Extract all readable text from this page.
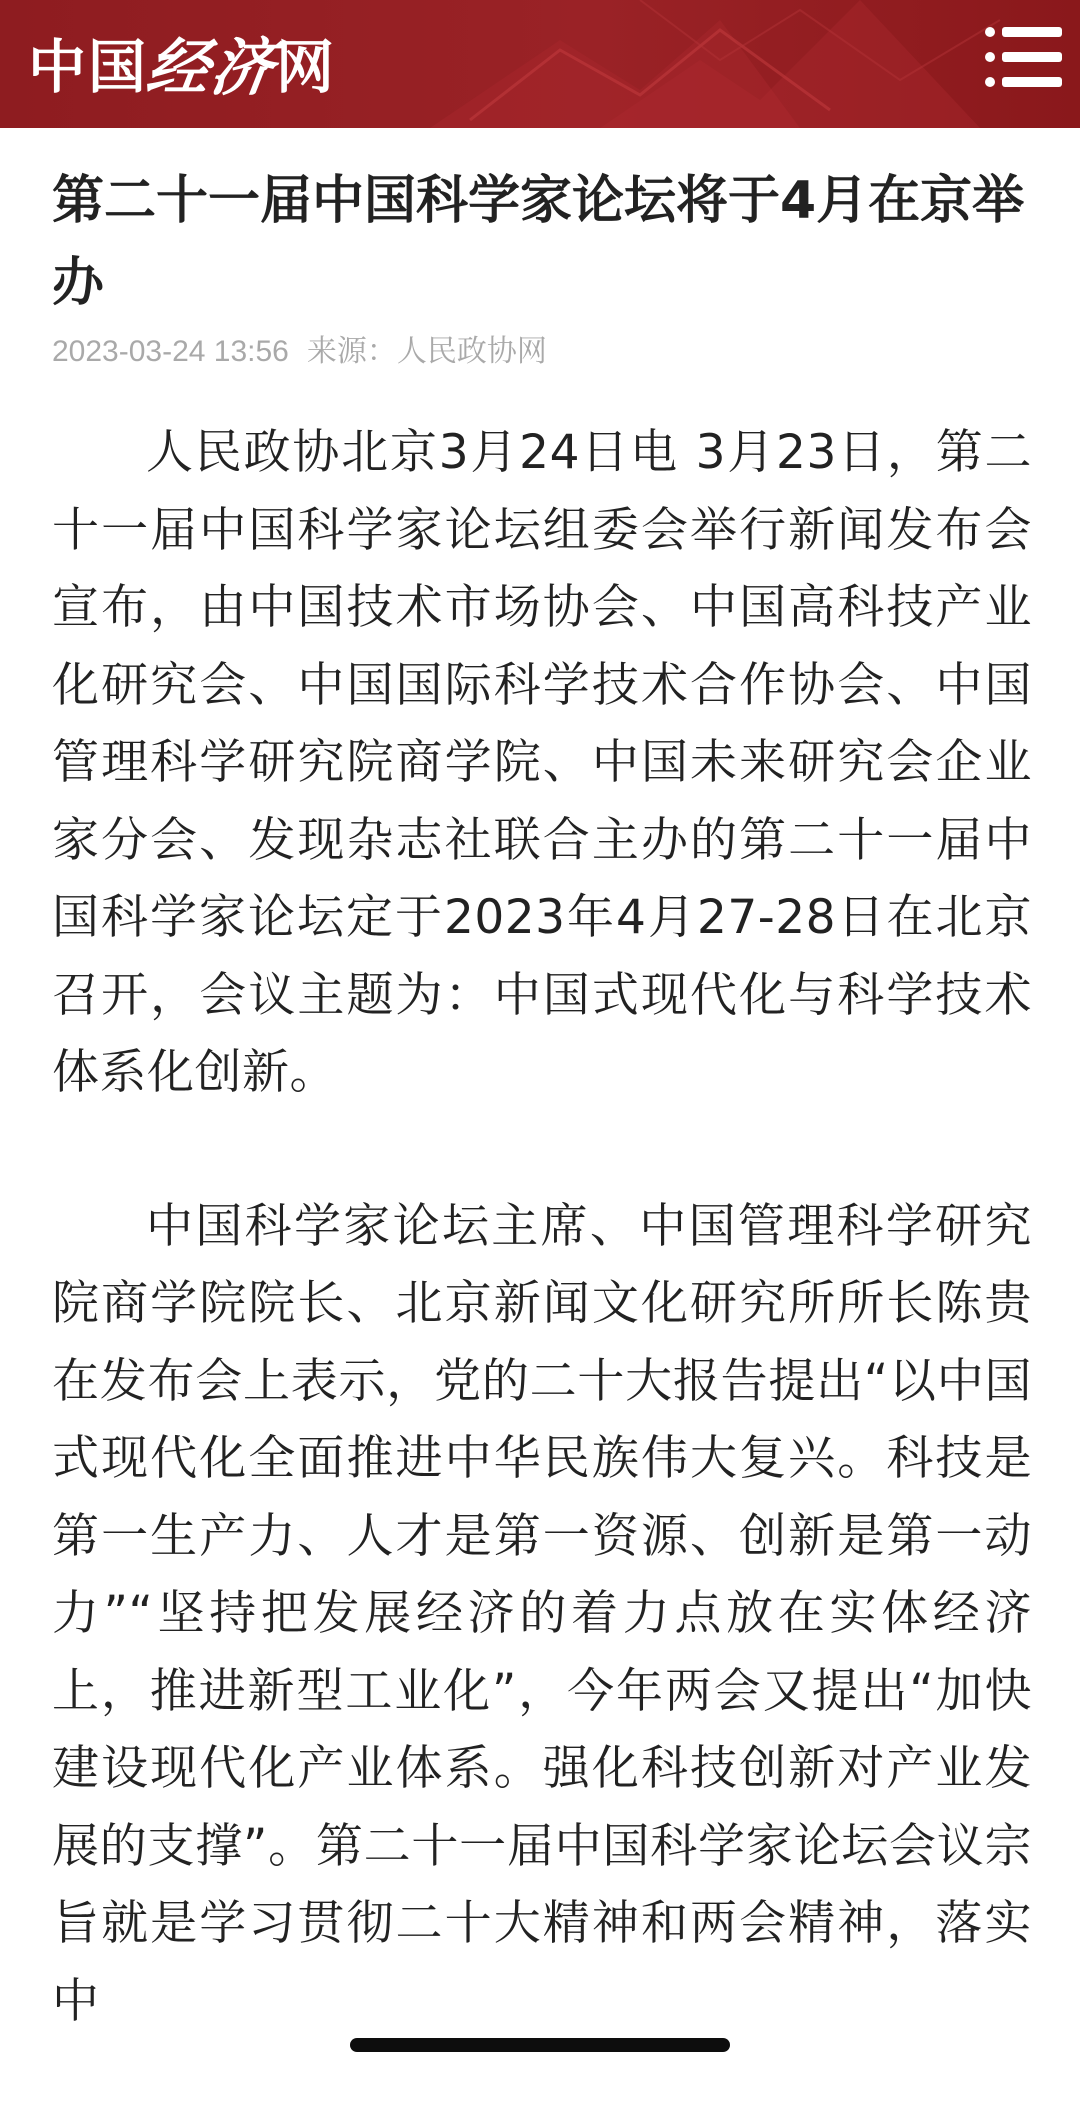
中国
经济
网
第二十一届中国科学家论坛将于4月在京举办
2023-03-24 13:56 来源：人民政协网

人民政协北京3月24日电 3月23日，第二十一届中国科学家论坛组委会举行新闻发布会宣布，由中国技术市场协会、中国高科技产业化研究会、中国国际科学技术合作协会、中国管理科学研究院商学院、中国未来研究会企业家分会、发现杂志社联合主办的第二十一届中国科学家论坛定于2023年4月27-28日在北京召开，会议主题为：中国式现代化与科学技术体系化创新。

中国科学家论坛主席、中国管理科学研究院商学院院长、北京新闻文化研究所所长陈贵在发布会上表示，党的二十大报告提出“以中国式现代化全面推进中华民族伟大复兴。科技是第一生产力、人才是第一资源、创新是第一动力”“坚持把发展经济的着力点放在实体经济上，推进新型工业化”，今年两会又提出“加快建设现代化产业体系。强化科技创新对产业发展的支撑”。第二十一届中国科学家论坛会议宗旨就是学习贯彻二十大精神和两会精神，落实中
